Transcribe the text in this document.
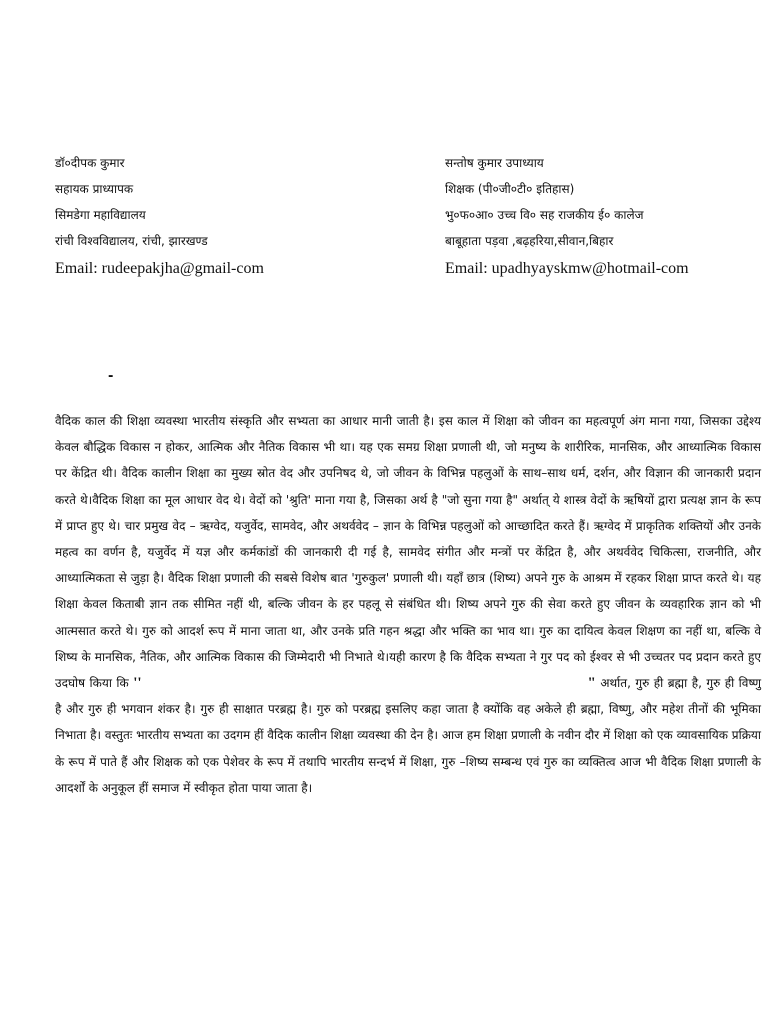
डॉ०दीपक कुमार
सहायक प्राध्यापक
सिमडेगा महाविद्यालय
रांची विश्वविद्यालय, रांची, झारखण्ड
Email: rudeepakjha@gmail-com
सन्तोष कुमार उपाध्याय
शिक्षक (पी०जी०टी० इतिहास)
भु०फ०आ० उच्च वि० सह राजकीय ई० कालेज
बाबूहाता पड़वा ,बढ़हरिया,सीवान,बिहार
Email: upadhyayskmw@hotmail-com
-

वैदिक काल की शिक्षा व्यवस्था भारतीय संस्कृति और सभ्यता का आधार मानी जाती है। इस काल में शिक्षा को जीवन का महत्वपूर्ण अंग माना गया, जिसका उद्देश्य केवल बौद्धिक विकास न होकर, आत्मिक और नैतिक विकास भी था। यह एक समग्र शिक्षा प्रणाली थी, जो मनुष्य के शारीरिक, मानसिक, और आध्यात्मिक विकास पर केंद्रित थी। वैदिक कालीन शिक्षा का मुख्य स्रोत वेद और उपनिषद थे, जो जीवन के विभिन्न पहलुओं के साथ–साथ धर्म, दर्शन, और विज्ञान की जानकारी प्रदान करते थे।वैदिक शिक्षा का मूल आधार वेद थे। वेदों को 'श्रुति' माना गया है, जिसका अर्थ है "जो सुना गया है" अर्थात् ये शास्त्र वेदों के ऋषियों द्वारा प्रत्यक्ष ज्ञान के रूप में प्राप्त हुए थे। चार प्रमुख वेद – ऋग्वेद, यजुर्वेद, सामवेद, और अथर्ववेद – ज्ञान के विभिन्न पहलुओं को आच्छादित करते हैं। ऋग्वेद में प्राकृतिक शक्तियों और उनके महत्व का वर्णन है, यजुर्वेद में यज्ञ और कर्मकांडों की जानकारी दी गई है, सामवेद संगीत और मन्त्रों पर केंद्रित है, और अथर्ववेद चिकित्सा, राजनीति, और आध्यात्मिकता से जुड़ा है। वैदिक शिक्षा प्रणाली की सबसे विशेष बात 'गुरुकुल' प्रणाली थी। यहाँ छात्र (शिष्य) अपने गुरु के आश्रम में रहकर शिक्षा प्राप्त करते थे। यह शिक्षा केवल किताबी ज्ञान तक सीमित नहीं थी, बल्कि जीवन के हर पहलू से संबंधित थी। शिष्य अपने गुरु की सेवा करते हुए जीवन के व्यवहारिक ज्ञान को भी आत्मसात करते थे। गुरु को आदर्श रूप में माना जाता था, और उनके प्रति गहन श्रद्धा और भक्ति का भाव था। गुरु का दायित्व केवल शिक्षण का नहीं था, बल्कि वे शिष्य के मानसिक, नैतिक, और आत्मिक विकास की जिम्मेदारी भी निभाते थे।यही कारण है कि वैदिक सभ्यता ने गुर पद को ईश्वर से भी उच्चतर पद प्रदान करते हुए उदघोष किया कि ''	" अर्थात, गुरु ही ब्रह्मा है, गुरु ही विष्णु है और गुरु ही भगवान शंकर है। गुरु ही साक्षात परब्रह्म है। गुरु को परब्रह्म इसलिए कहा जाता है क्योंकि वह अकेले ही ब्रह्मा, विष्णु, और महेश तीनों की भूमिका निभाता है। वस्तुतः भारतीय सभ्यता का उदगम हीं वैदिक कालीन शिक्षा व्यवस्था की देन है। आज हम शिक्षा प्रणाली के नवीन दौर में शिक्षा को एक व्यावसायिक प्रक्रिया के रूप में पाते हैं और शिक्षक को एक पेशेवर के रूप में तथापि भारतीय सन्दर्भ में शिक्षा, गुरु –शिष्य सम्बन्ध एवं गुरु का व्यक्तित्व आज भी वैदिक शिक्षा प्रणाली के आदर्शों के अनुकूल हीं समाज में स्वीकृत होता पाया जाता है।
